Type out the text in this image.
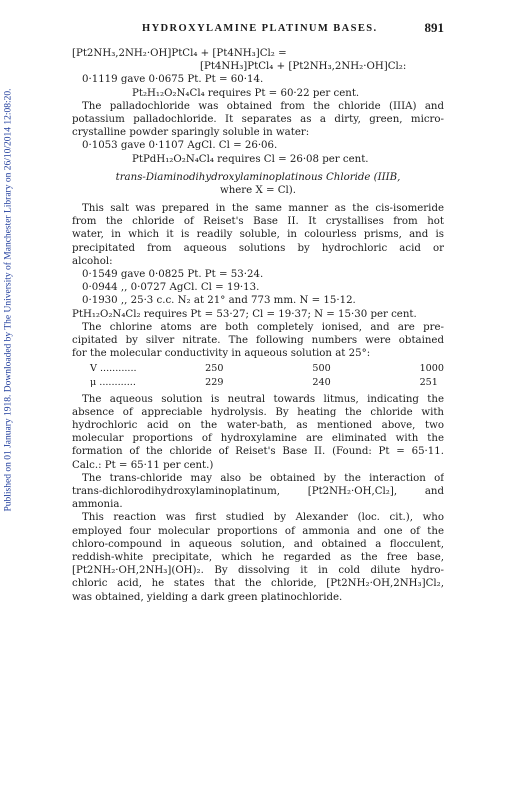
Published on 01 January 1918. Downloaded by The University of Manchester Library on 26/10/2014 12:08:20.
HYDROXYLAMINE PLATINUM BASES.	891
[Pt2NH₃,2NH₂·OH]PtCl₄ + [Pt4NH₃]Cl₂ =
[Pt4NH₃]PtCl₄ + [Pt2NH₃,2NH₂·OH]Cl₂:
0·1119 gave 0·0675 Pt. Pt = 60·14.
Pt₂H₁₂O₂N₄Cl₄ requires Pt = 60·22 per cent.
The palladochloride was obtained from the chloride (IIIA) and
potassium palladochloride. It separates as a dirty, green, micro-
crystalline powder sparingly soluble in water:
0·1053 gave 0·1107 AgCl. Cl = 26·06.
PtPdH₁₂O₂N₄Cl₄ requires Cl = 26·08 per cent.
trans-Diaminodihydroxylaminoplatinous Chloride (IIIB,
where X = Cl).
This salt was prepared in the same manner as the cis-isomeride
from the chloride of Reiset's Base II. It crystallises from hot
water, in which it is readily soluble, in colourless prisms, and is
precipitated from aqueous solutions by hydrochloric acid or
alcohol:
0·1549 gave 0·0825 Pt. Pt = 53·24.
0·0944 ,, 0·0727 AgCl. Cl = 19·13.
0·1930 ,, 25·3 c.c. N₂ at 21° and 773 mm. N = 15·12.
PtH₁₂O₂N₄Cl₂ requires Pt = 53·27; Cl = 19·37; N = 15·30 per cent.
The chlorine atoms are both completely ionised, and are pre-
cipitated by silver nitrate. The following numbers were obtained
for the molecular conductivity in aqueous solution at 25°:
V ............	250	500	1000
μ ............	229	240	251
The aqueous solution is neutral towards litmus, indicating the
absence of appreciable hydrolysis. By heating the chloride with
hydrochloric acid on the water-bath, as mentioned above, two
molecular proportions of hydroxylamine are eliminated with the
formation of the chloride of Reiset's Base II. (Found: Pt = 65·11.
Calc.: Pt = 65·11 per cent.)
The trans-chloride may also be obtained by the interaction of
trans-dichlorodihydroxylaminoplatinum, [Pt2NH₂·OH,Cl₂], and
ammonia.
This reaction was first studied by Alexander (loc. cit.), who
employed four molecular proportions of ammonia and one of the
chloro-compound in aqueous solution, and obtained a flocculent,
reddish-white precipitate, which he regarded as the free base,
[Pt2NH₂·OH,2NH₃](OH)₂. By dissolving it in cold dilute hydro-
chloric acid, he states that the chloride, [Pt2NH₂·OH,2NH₃]Cl₂,
was obtained, yielding a dark green platinochloride.
